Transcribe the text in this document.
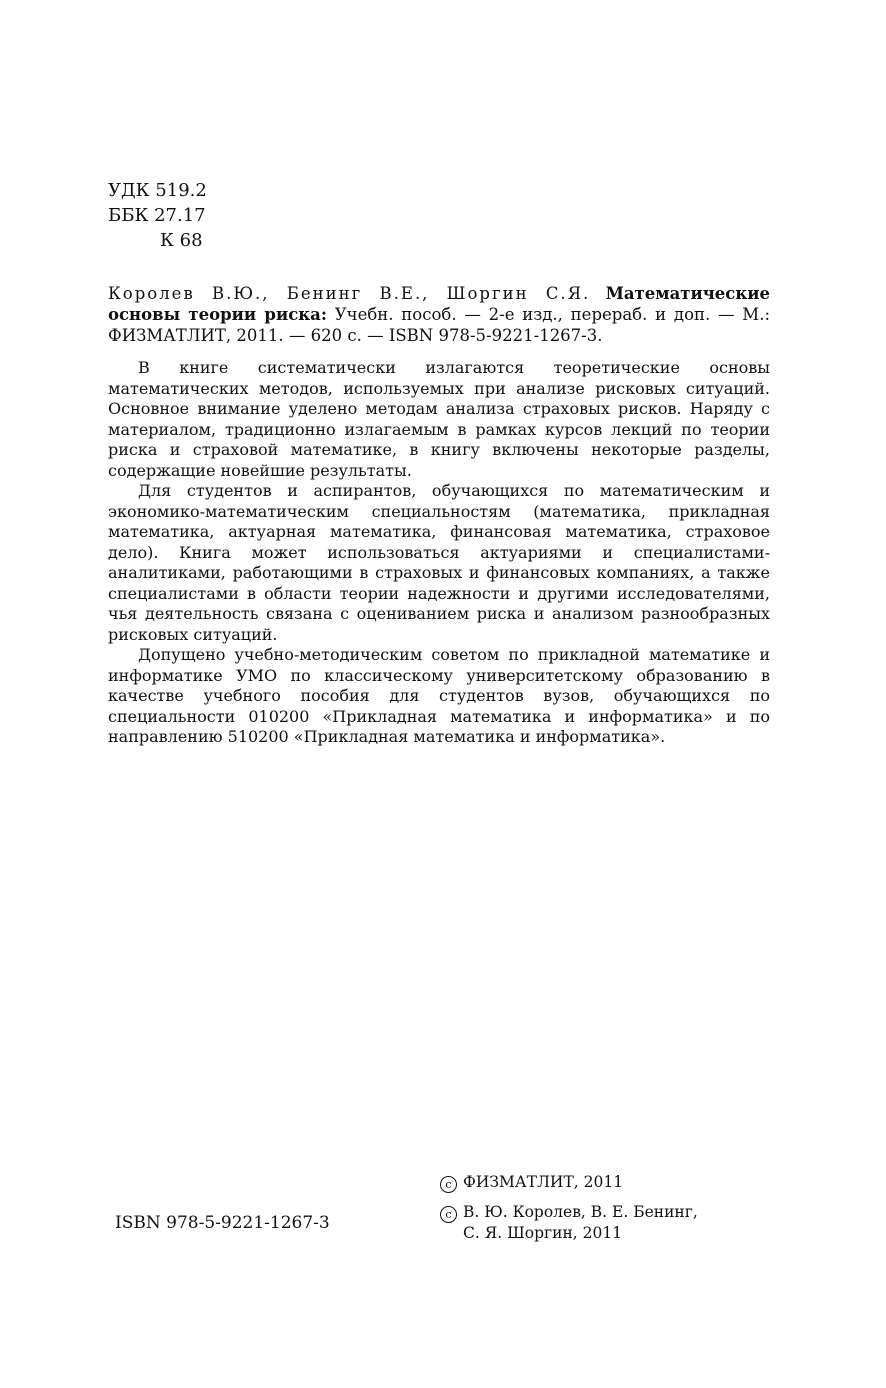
УДК 519.2
ББК 27.17
К 68
Королев В.Ю., Бенинг В.Е., Шоргин С.Я. Математические основы теории риска: Учебн. пособ. — 2-е изд., перераб. и доп. — М.: ФИЗМАТЛИТ, 2011. — 620 с. — ISBN 978-5-9221-1267-3.

В книге систематически излагаются теоретические основы математических методов, используемых при анализе рисковых ситуаций. Основное внимание уделено методам анализа страховых рисков. Наряду с материалом, традиционно излагаемым в рамках курсов лекций по теории риска и страховой математике, в книгу включены некоторые разделы, содержащие новейшие результаты.

Для студентов и аспирантов, обучающихся по математическим и экономико-математическим специальностям (математика, прикладная математика, актуарная математика, финансовая математика, страховое дело). Книга может использоваться актуариями и специалистами-аналитиками, работающими в страховых и финансовых компаниях, а также специалистами в области теории надежности и другими исследователями, чья деятельность связана с оцениванием риска и анализом разнообразных рисковых ситуаций.

Допущено учебно-методическим советом по прикладной математике и информатике УМО по классическому университетскому образованию в качестве учебного пособия для студентов вузов, обучающихся по специальности 010200 «Прикладная математика и информатика» и по направлению 510200 «Прикладная математика и информатика».

ISBN 978-5-9221-1267-3
c ФИЗМАТЛИТ, 2011
c В. Ю. Королев, В. Е. Бенинг,
С. Я. Шоргин, 2011
